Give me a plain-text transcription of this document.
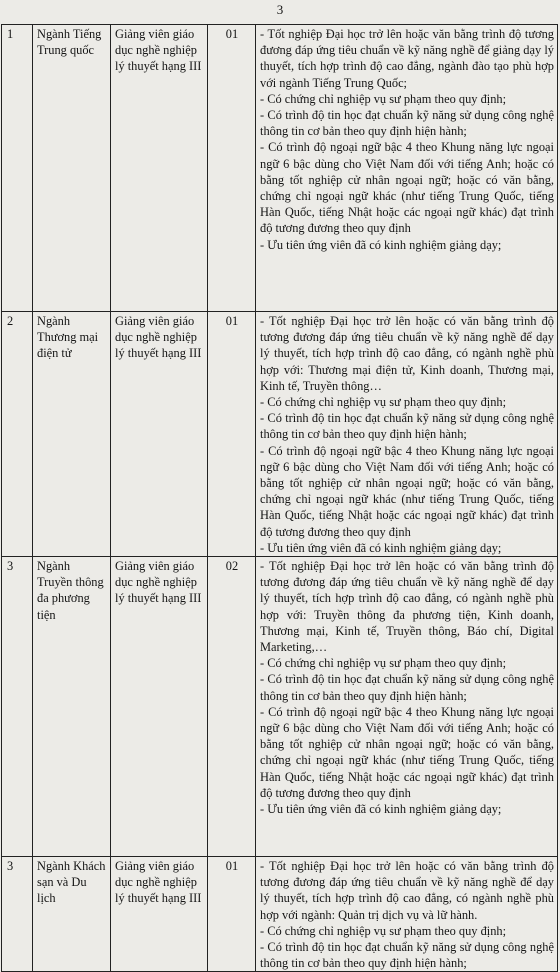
3
1	Ngành Tiếng Trung quốc	Giảng viên giáo dục nghề nghiệp lý thuyết hạng III	01	- Tốt nghiệp Đại học trở lên hoặc văn bằng trình độ tương đương đáp ứng tiêu chuẩn về kỹ năng nghề để giảng dạy lý thuyết, tích hợp trình độ cao đẳng, ngành đào tạo phù hợp với ngành Tiếng Trung Quốc;
- Có chứng chỉ nghiệp vụ sư phạm theo quy định;
- Có trình độ tin học đạt chuẩn kỹ năng sử dụng công nghệ thông tin cơ bản theo quy định hiện hành;
- Có trình độ ngoại ngữ bậc 4 theo Khung năng lực ngoại ngữ 6 bậc dùng cho Việt Nam đối với tiếng Anh; hoặc có bằng tốt nghiệp cử nhân ngoại ngữ; hoặc có văn bằng, chứng chỉ ngoại ngữ khác (như tiếng Trung Quốc, tiếng Hàn Quốc, tiếng Nhật hoặc các ngoại ngữ khác) đạt trình độ tương đương theo quy định
- Ưu tiên ứng viên đã có kinh nghiệm giảng dạy;

2	Ngành Thương mại điện tử	Giảng viên giáo dục nghề nghiệp lý thuyết hạng III	01	- Tốt nghiệp Đại học trở lên hoặc có văn bằng trình độ tương đương đáp ứng tiêu chuẩn về kỹ năng nghề để dạy lý thuyết, tích hợp trình độ cao đẳng, có ngành nghề phù hợp với: Thương mại điện tử, Kinh doanh, Thương mại, Kinh tế, Truyền thông…
- Có chứng chỉ nghiệp vụ sư phạm theo quy định;
- Có trình độ tin học đạt chuẩn kỹ năng sử dụng công nghệ thông tin cơ bản theo quy định hiện hành;
- Có trình độ ngoại ngữ bậc 4 theo Khung năng lực ngoại ngữ 6 bậc dùng cho Việt Nam đối với tiếng Anh; hoặc có bằng tốt nghiệp cử nhân ngoại ngữ; hoặc có văn bằng, chứng chỉ ngoại ngữ khác (như tiếng Trung Quốc, tiếng Hàn Quốc, tiếng Nhật hoặc các ngoại ngữ khác) đạt trình độ tương đương theo quy định
- Ưu tiên ứng viên đã có kinh nghiệm giảng dạy;

3	Ngành Truyền thông đa phương tiện	Giảng viên giáo dục nghề nghiệp lý thuyết hạng III	02	- Tốt nghiệp Đại học trở lên hoặc có văn bằng trình độ tương đương đáp ứng tiêu chuẩn về kỹ năng nghề để dạy lý thuyết, tích hợp trình độ cao đẳng, có ngành nghề phù hợp với: Truyền thông đa phương tiện, Kinh doanh, Thương mại, Kinh tế, Truyền thông, Báo chí, Digital Marketing,…
- Có chứng chỉ nghiệp vụ sư phạm theo quy định;
- Có trình độ tin học đạt chuẩn kỹ năng sử dụng công nghệ thông tin cơ bản theo quy định hiện hành;
- Có trình độ ngoại ngữ bậc 4 theo Khung năng lực ngoại ngữ 6 bậc dùng cho Việt Nam đối với tiếng Anh; hoặc có bằng tốt nghiệp cử nhân ngoại ngữ; hoặc có văn bằng, chứng chỉ ngoại ngữ khác (như tiếng Trung Quốc, tiếng Hàn Quốc, tiếng Nhật hoặc các ngoại ngữ khác) đạt trình độ tương đương theo quy định
- Ưu tiên ứng viên đã có kinh nghiệm giảng dạy;

3	Ngành Khách sạn và Du lịch	Giảng viên giáo dục nghề nghiệp lý thuyết hạng III	01	- Tốt nghiệp Đại học trở lên hoặc có văn bằng trình độ tương đương đáp ứng tiêu chuẩn về kỹ năng nghề để dạy lý thuyết, tích hợp trình độ cao đẳng, có ngành nghề phù hợp với ngành: Quản trị dịch vụ và lữ hành.
- Có chứng chỉ nghiệp vụ sư phạm theo quy định;
- Có trình độ tin học đạt chuẩn kỹ năng sử dụng công nghệ thông tin cơ bản theo quy định hiện hành;
